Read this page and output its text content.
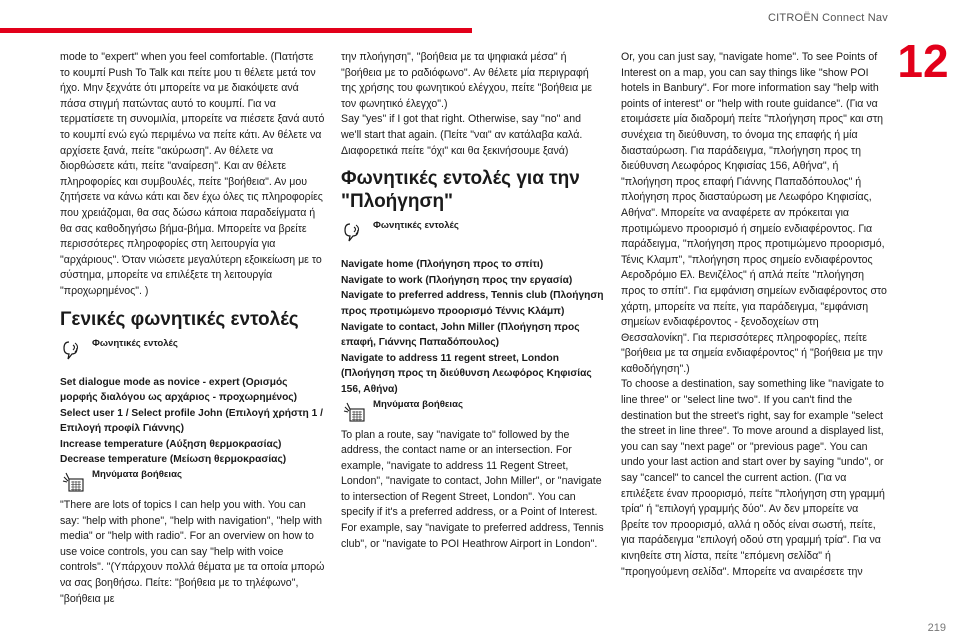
CITROËN Connect Nav
12

mode to "expert" when you feel comfortable. (Πατήστε το κουμπί Push To Talk και πείτε μου τι θέλετε μετά τον ήχο. Μην ξεχνάτε ότι μπορείτε να με διακόψετε ανά πάσα στιγμή πατώντας αυτό το κουμπί. Για να τερματίσετε τη συνομιλία, μπορείτε να πιέσετε ξανά αυτό το κουμπί ενώ εγώ περιμένω να πείτε κάτι. Αν θέλετε να αρχίσετε ξανά, πείτε "ακύρωση". Αν θέλετε να διορθώσετε κάτι, πείτε "αναίρεση". Και αν θέλετε πληροφορίες και συμβουλές, πείτε "βοήθεια". Αν μου ζητήσετε να κάνω κάτι και δεν έχω όλες τις πληροφορίες που χρειάζομαι, θα σας δώσω κάποια παραδείγματα ή θα σας καθοδηγήσω βήμα-βήμα. Μπορείτε να βρείτε περισσότερες πληροφορίες στη λειτουργία για "αρχάριους". Όταν νιώσετε μεγαλύτερη εξοικείωση με το σύστημα, μπορείτε να επιλέξετε τη λειτουργία "προχωρημένος". )

Γενικές φωνητικές εντολές
Φωνητικές εντολές
Set dialogue mode as novice - expert (Ορισμός μορφής διαλόγου ως αρχάριος - προχωρημένος)
Select user 1 / Select profile John (Επιλογή χρήστη 1 / Επιλογή προφίλ Γιάννης)
Increase temperature (Αύξηση θερμοκρασίας)
Decrease temperature (Μείωση θερμοκρασίας)
Μηνύματα βοήθειας

"There are lots of topics I can help you with. You can say: "help with phone", "help with navigation", "help with media" or "help with radio". For an overview on how to use voice controls, you can say "help with voice controls". "(Υπάρχουν πολλά θέματα με τα οποία μπορώ να σας βοηθήσω. Πείτε: "βοήθεια με το τηλέφωνο", "βοήθεια με

την πλοήγηση", "βοήθεια με τα ψηφιακά μέσα" ή "βοήθεια με το ραδιόφωνο". Αν θέλετε μία περιγραφή της χρήσης του φωνητικού ελέγχου, πείτε "βοήθεια με τον φωνητικό έλεγχο".)

Say "yes" if I got that right. Otherwise, say "no" and we'll start that again. (Πείτε "ναι" αν κατάλαβα καλά. Διαφορετικά πείτε "όχι" και θα ξεκινήσουμε ξανά)

Φωνητικές εντολές για την "Πλοήγηση"
Φωνητικές εντολές
Navigate home (Πλοήγηση προς το σπίτι)
Navigate to work (Πλοήγηση προς την εργασία)
Navigate to preferred address, Tennis club (Πλοήγηση προς προτιμώμενο προορισμό Τέννις Κλάμπ)
Navigate to contact, John Miller (Πλοήγηση προς επαφή, Γιάννης Παπαδόπουλος)
Navigate to address 11 regent street, London (Πλοήγηση προς τη διεύθυνση Λεωφόρος Κηφισίας 156, Αθήνα)
Μηνύματα βοήθειας

To plan a route, say "navigate to" followed by the address, the contact name or an intersection. For example, "navigate to address 11 Regent Street, London", "navigate to contact, John Miller", or "navigate to intersection of Regent Street, London". You can specify if it's a preferred address, or a Point of Interest. For example, say "navigate to preferred address, Tennis club", or "navigate to POI Heathrow Airport in London".

Or, you can just say, "navigate home". To see Points of Interest on a map, you can say things like "show POI hotels in Banbury". For more information say "help with points of interest" or "help with route guidance". (Για να ετοιμάσετε μία διαδρομή πείτε "πλοήγηση προς" και στη συνέχεια τη διεύθυνση, το όνομα της επαφής ή μία διασταύρωση. Για παράδειγμα, "πλοήγηση προς τη διεύθυνση Λεωφόρος Κηφισίας 156, Αθήνα", ή "πλοήγηση προς επαφή Γιάννης Παπαδόπουλος" ή πλοήγηση προς διασταύρωση με Λεωφόρο Κηφισίας, Αθήνα". Μπορείτε να αναφέρετε αν πρόκειται για προτιμώμενο προορισμό ή σημείο ενδιαφέροντος. Για παράδειγμα, "πλοήγηση προς προτιμώμενο προορισμό, Τένις Κλαμπ", "πλοήγηση προς σημείο ενδιαφέροντος Αεροδρόμιο Ελ. Βενιζέλος" ή απλά πείτε "πλοήγηση προς το σπίτι". Για εμφάνιση σημείων ενδιαφέροντος στο χάρτη, μπορείτε να πείτε, για παράδειγμα, "εμφάνιση σημείων ενδιαφέροντος - ξενοδοχείων στη Θεσσαλονίκη". Για περισσότερες πληροφορίες, πείτε "βοήθεια με τα σημεία ενδιαφέροντος" ή "βοήθεια με την καθοδήγηση".)

To choose a destination, say something like "navigate to line three" or "select line two". If you can't find the destination but the street's right, say for example "select the street in line three". To move around a displayed list, you can say "next page" or "previous page". You can undo your last action and start over by saying "undo", or say "cancel" to cancel the current action. (Για να επιλέξετε έναν προορισμό, πείτε "πλοήγηση στη γραμμή τρία" ή "επιλογή γραμμής δύο". Αν δεν μπορείτε να βρείτε τον προορισμό, αλλά η οδός είναι σωστή, πείτε, για παράδειγμα "επιλογή οδού στη γραμμή τρία". Για να κινηθείτε στη λίστα, πείτε "επόμενη σελίδα" ή "προηγούμενη σελίδα". Μπορείτε να αναιρέσετε την

219
